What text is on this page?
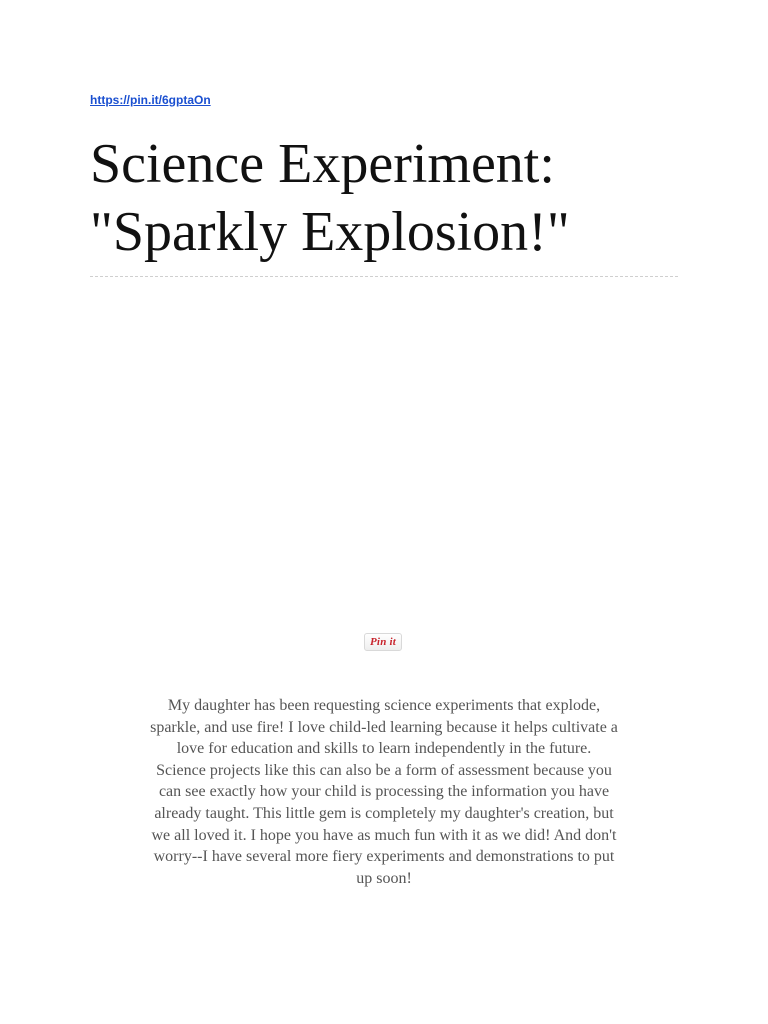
https://pin.it/6gptaOn
Science Experiment:
"Sparkly Explosion!"
Pin it

My daughter has been requesting science experiments that explode,
sparkle, and use fire! I love child-led learning because it helps cultivate a
love for education and skills to learn independently in the future.
Science projects like this can also be a form of assessment because you
can see exactly how your child is processing the information you have
already taught. This little gem is completely my daughter's creation, but
we all loved it. I hope you have as much fun with it as we did! And don't
worry--I have several more fiery experiments and demonstrations to put
up soon!
